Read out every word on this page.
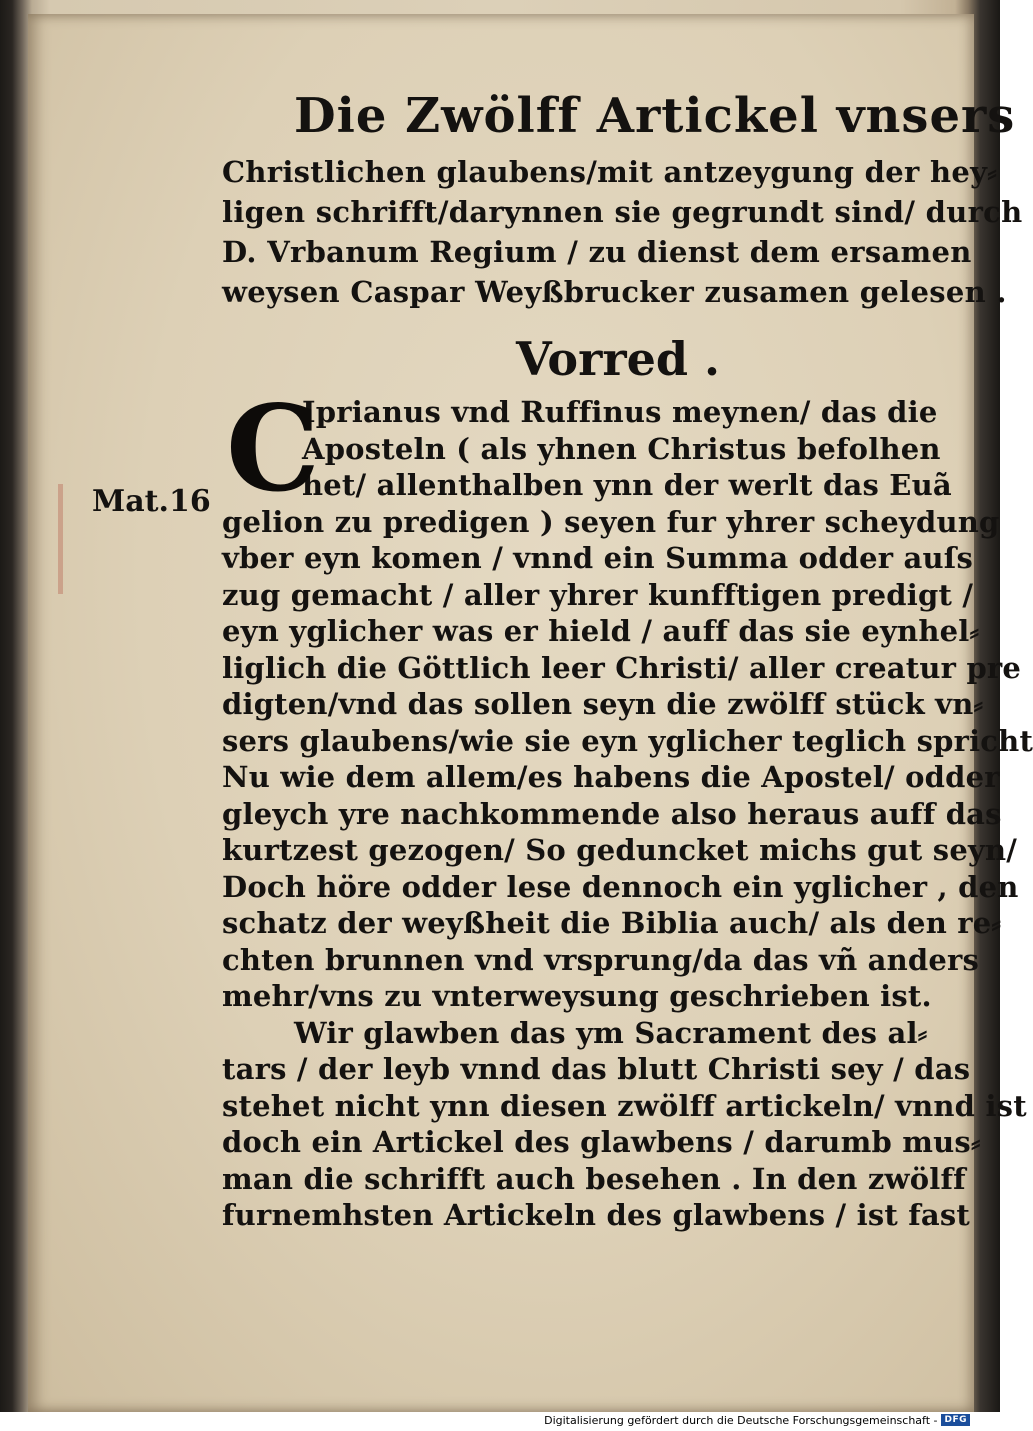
Mat.16
Die Zwölff Artickel vnsers
Christlichen glaubens/mit antzeygung der hey⸗
ligen schrifft/darynnen sie gegrundt sind/ durch
D. Vrbanum Regium / zu dienst dem ersamen
weysen Caspar Weyßbrucker zusamen gelesen .
Vorred .
C
Iprianus vnd Ruffinus meynen/ das die
Aposteln ( als yhnen Christus befolhen
het/ allenthalben ynn der werlt das Euã
gelion zu predigen ) seyen fur yhrer scheydung
vber eyn komen / vnnd ein Summa odder auſs
zug gemacht / aller yhrer kunfftigen predigt /
eyn yglicher was er hield / auff das sie eynhel⸗
liglich die Göttlich leer Christi/ aller creatur pre
digten/vnd das sollen seyn die zwölff stück vn⸗
sers glaubens/wie sie eyn yglicher teglich spricht
Nu wie dem allem/es habens die Apostel/ odder
gleych yre nachkommende also heraus auff das
kurtzest gezogen/ So geduncket michs gut seyn/
Doch höre odder lese dennoch ein yglicher , den
schatz der weyßheit die Biblia auch/ als den re⸗
chten brunnen vnd vrsprung/da das vñ anders
mehr/vns zu vnterweysung geschrieben ist.
Wir glawben das ym Sacrament des al⸗
tars / der leyb vnnd das blutt Christi sey / das
stehet nicht ynn diesen zwölff artickeln/ vnnd ist
doch ein Artickel des glawbens / darumb mus⸗
man die schrifft auch besehen . In den zwölff
furnemhsten Artickeln des glawbens / ist fast
Digitalisierung gefördert durch die Deutsche Forschungsgemeinschaft - DFG
